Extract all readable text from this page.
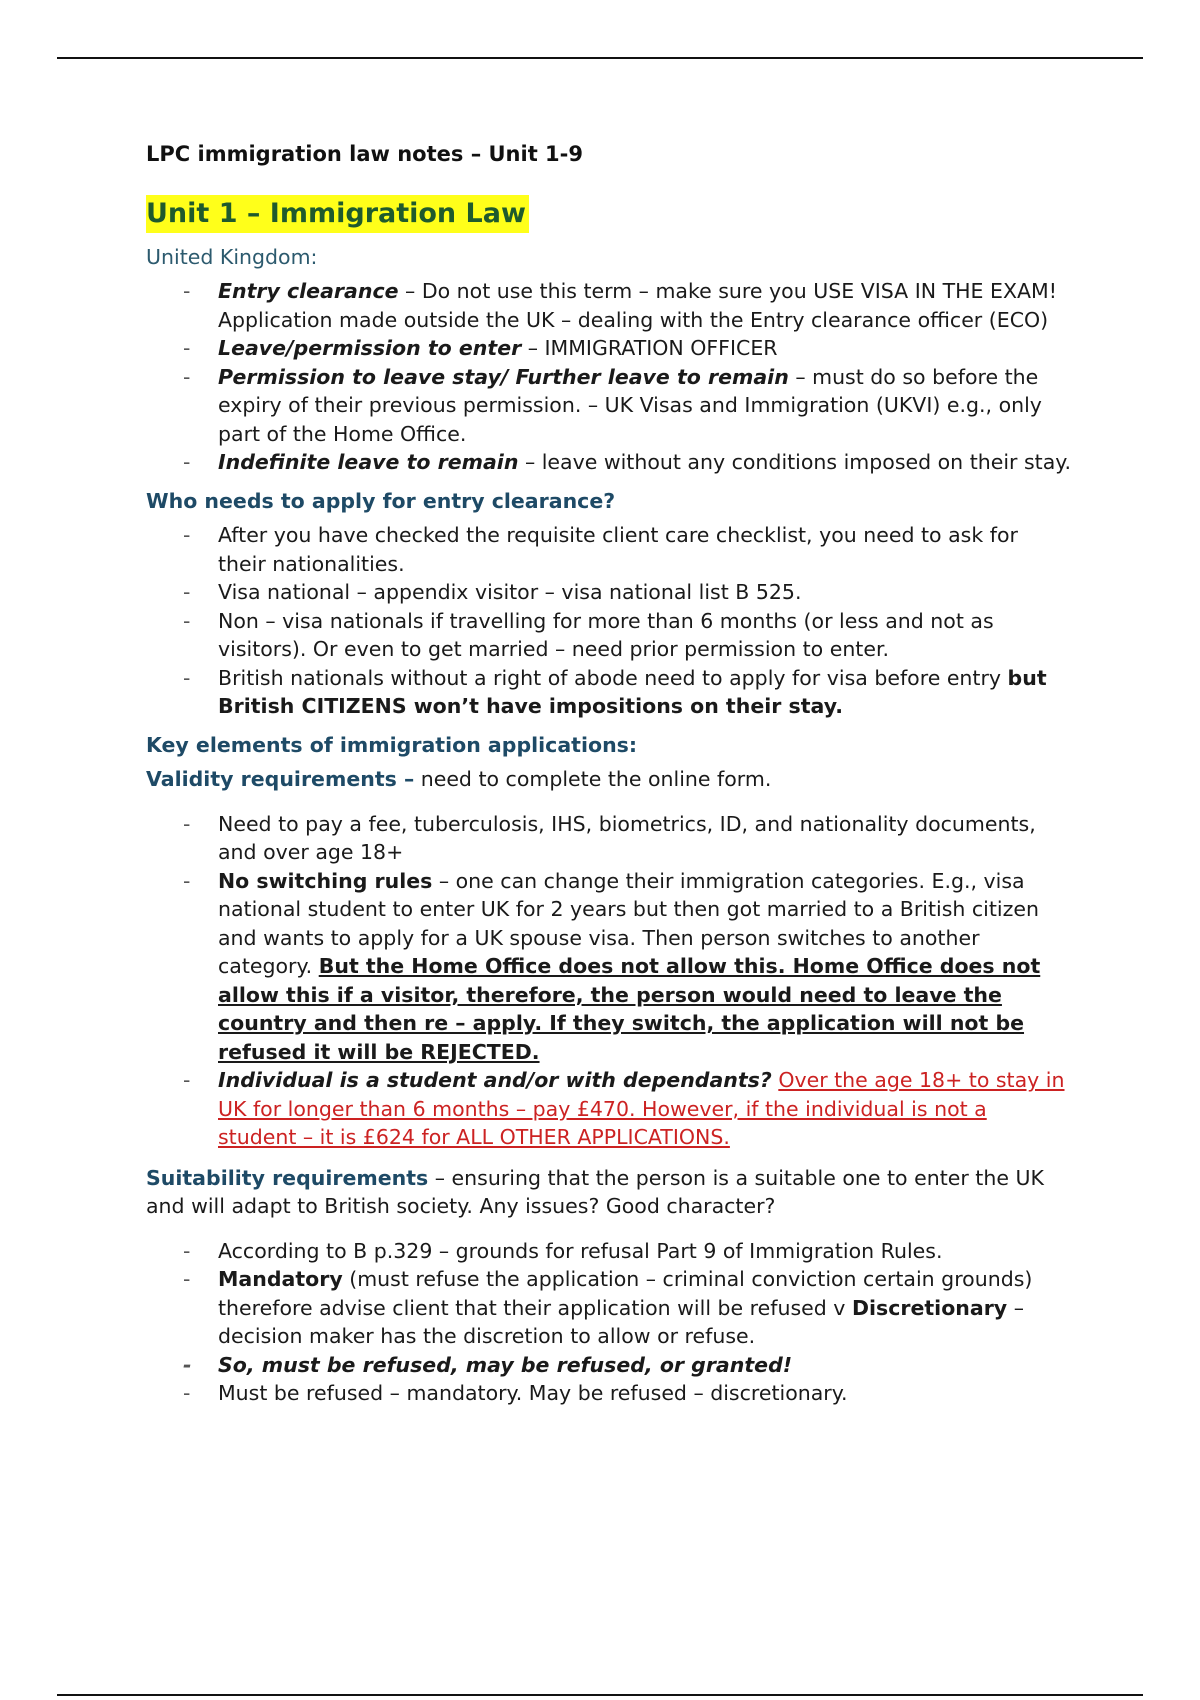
LPC immigration law notes – Unit 1-9
Unit 1 – Immigration Law
United Kingdom:
- Entry clearance – Do not use this term – make sure you USE VISA IN THE EXAM! Application made outside the UK – dealing with the Entry clearance officer (ECO)
- Leave/permission to enter – IMMIGRATION OFFICER
- Permission to leave stay/ Further leave to remain – must do so before the expiry of their previous permission. – UK Visas and Immigration (UKVI) e.g., only part of the Home Office.
- Indefinite leave to remain – leave without any conditions imposed on their stay.
Who needs to apply for entry clearance?
- After you have checked the requisite client care checklist, you need to ask for their nationalities.
- Visa national – appendix visitor – visa national list B 525.
- Non – visa nationals if travelling for more than 6 months (or less and not as visitors). Or even to get married – need prior permission to enter.
- British nationals without a right of abode need to apply for visa before entry but British CITIZENS won’t have impositions on their stay.
Key elements of immigration applications:
Validity requirements – need to complete the online form.
- Need to pay a fee, tuberculosis, IHS, biometrics, ID, and nationality documents, and over age 18+
- No switching rules – one can change their immigration categories. E.g., visa national student to enter UK for 2 years but then got married to a British citizen and wants to apply for a UK spouse visa. Then person switches to another category. But the Home Office does not allow this. Home Office does not allow this if a visitor, therefore, the person would need to leave the country and then re – apply. If they switch, the application will not be refused it will be REJECTED.
- Individual is a student and/or with dependants? Over the age 18+ to stay in UK for longer than 6 months – pay £470. However, if the individual is not a student – it is £624 for ALL OTHER APPLICATIONS.
Suitability requirements – ensuring that the person is a suitable one to enter the UK and will adapt to British society. Any issues? Good character?
- According to B p.329 – grounds for refusal Part 9 of Immigration Rules.
- Mandatory (must refuse the application – criminal conviction certain grounds) therefore advise client that their application will be refused v Discretionary – decision maker has the discretion to allow or refuse.
- So, must be refused, may be refused, or granted!
- Must be refused – mandatory. May be refused – discretionary.
